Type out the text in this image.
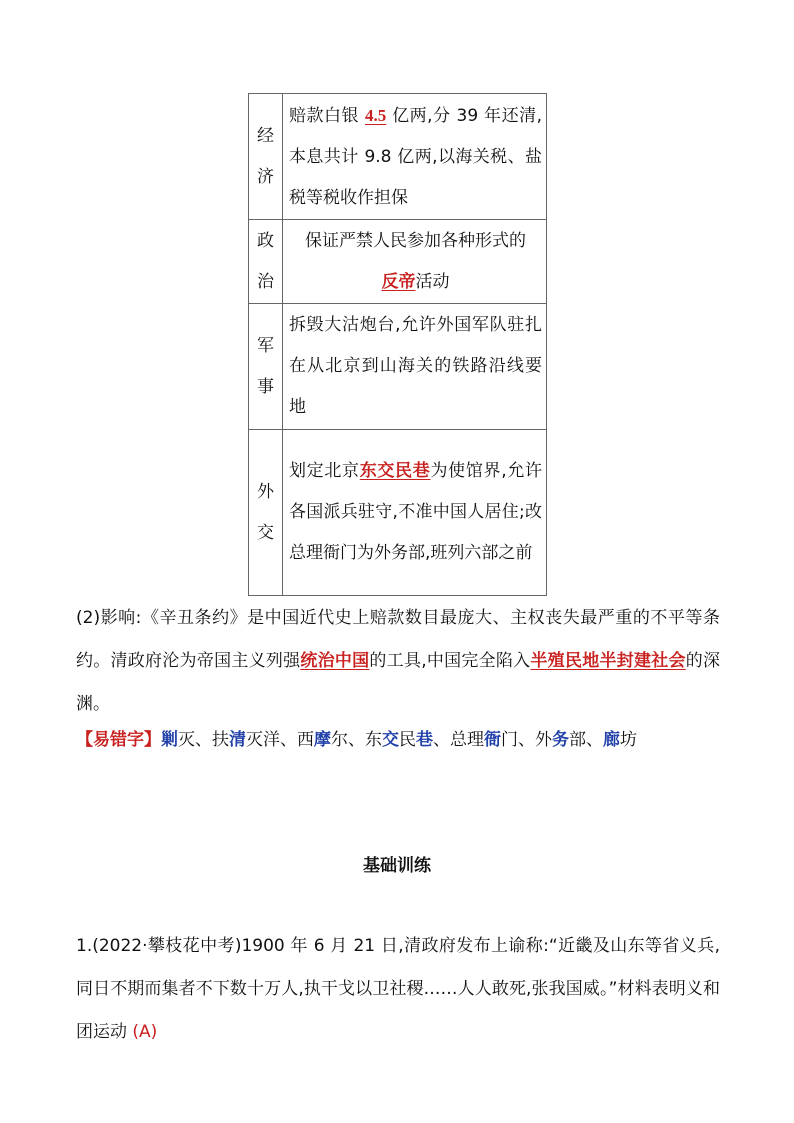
经
济	赔款白银 4.5 亿两,分 39 年还清,本息共计 9.8 亿两,以海关税、盐税等税收作担保

政
治	保证严禁人民参加各种形式的
反帝活动

军
事	拆毁大沽炮台,允许外国军队驻扎在从北京到山海关的铁路沿线要地

外
交	划定北京东交民巷为使馆界,允许各国派兵驻守,不准中国人居住;改总理衙门为外务部,班列六部之前

(2)影响:《辛丑条约》是中国近代史上赔款数目最庞大、主权丧失最严重的不平等条约。清政府沦为帝国主义列强统治中国的工具,中国完全陷入半殖民地半封建社会的深渊。

【易错字】剿灭、扶清灭洋、西摩尔、东交民巷、总理衙门、外务部、廊坊

基础训练

1.(2022·攀枝花中考)1900 年 6 月 21 日,清政府发布上谕称:“近畿及山东等省义兵,同日不期而集者不下数十万人,执干戈以卫社稷……人人敢死,张我国威。”材料表明义和团运动 (A)
